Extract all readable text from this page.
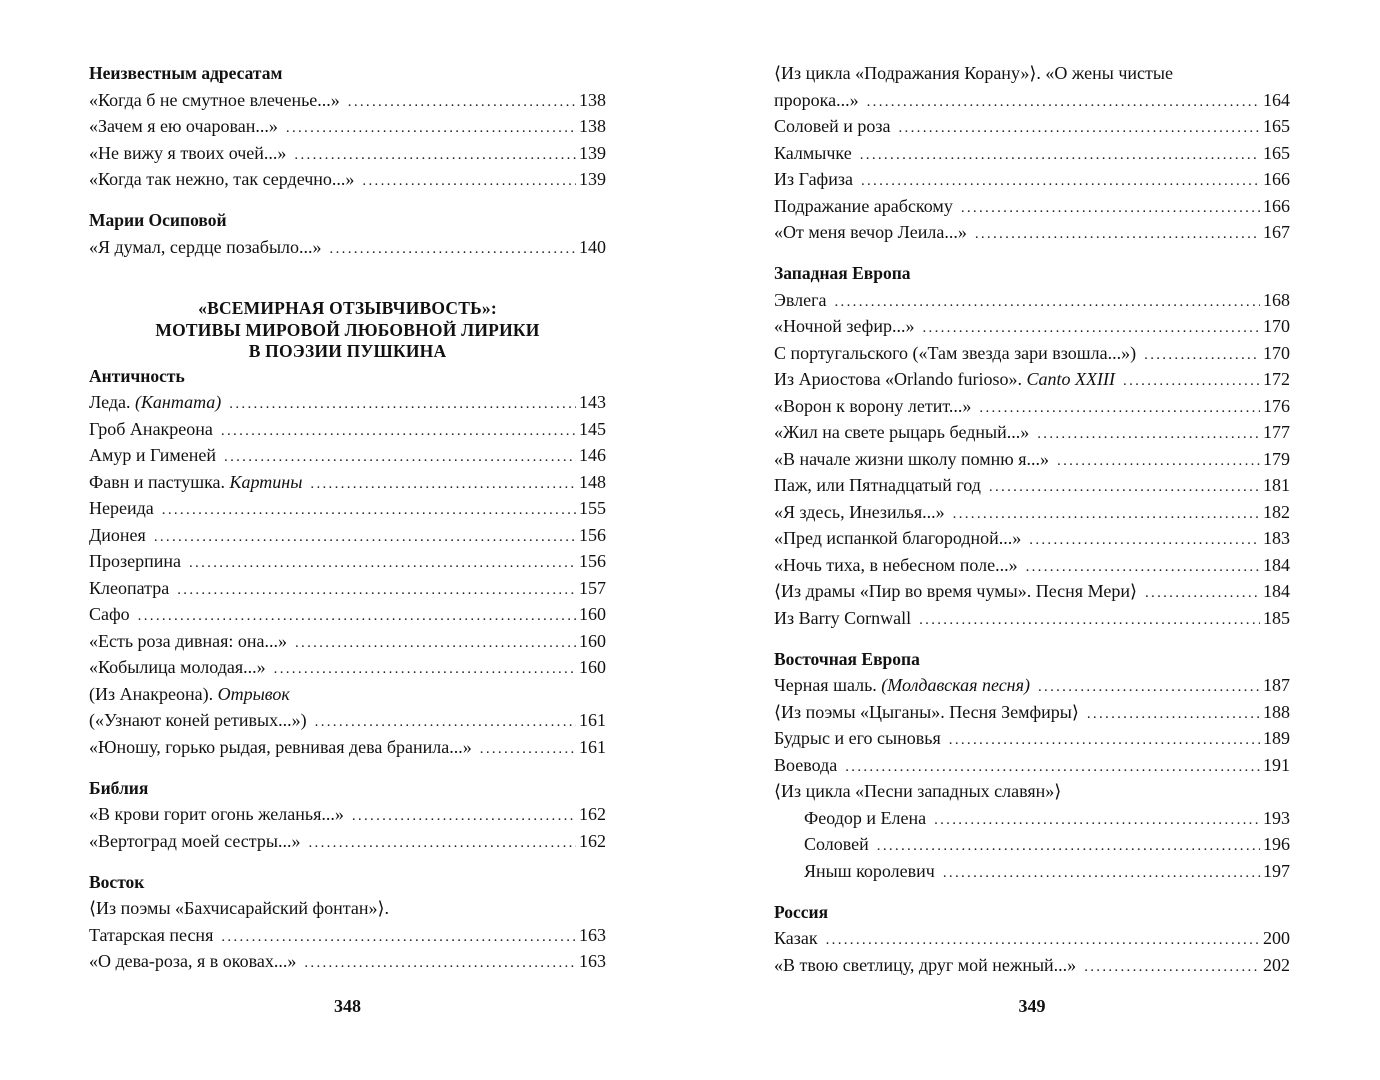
Неизвестным адресатам
«Когда б не смутное влеченье...» .....	138
«Зачем я ею очарован...» .....	138
«Не вижу я твоих очей...» .....	139
«Когда так нежно, так сердечно...» .....	139
Марии Осиповой
«Я думал, сердце позабыло...» .....	140
«ВСЕМИРНАЯ ОТЗЫВЧИВОСТЬ»:
МОТИВЫ МИРОВОЙ ЛЮБОВНОЙ ЛИРИКИ
В ПОЭЗИИ ПУШКИНА
Античность
Леда. (Кантата) .....	143
Гроб Анакреона .....	145
Амур и Гименей .....	146
Фавн и пастушка. Картины .....	148
Нереида .....	155
Дионея .....	156
Прозерпина .....	156
Клеопатра .....	157
Сафо .....	160
«Есть роза дивная: она...» .....	160
«Кобылица молодая...» .....	160
(Из Анакреона). Отрывок
(«Узнают коней ретивых...») .....	161
«Юношу, горько рыдая, ревнивая дева бранила...» .....	161
Библия
«В крови горит огонь желанья...» .....	162
«Вертоград моей сестры...» .....	162
Восток
⟨Из поэмы «Бахчисарайский фонтан»⟩.
Татарская песня .....	163
«О дева-роза, я в оковах...» .....	163
348
⟨Из цикла «Подражания Корану»⟩. «О жены чистые
пророка...» .....	164
Соловей и роза .....	165
Калмычке .....	165
Из Гафиза .....	166
Подражание арабскому .....	166
«От меня вечор Леила...» .....	167
Западная Европа
Эвлега .....	168
«Ночной зефир...» .....	170
С португальского («Там звезда зари взошла...») .....	170
Из Ариостова «Orlando furioso». Canto XXIII .....	172
«Ворон к ворону летит...» .....	176
«Жил на свете рыцарь бедный...» .....	177
«В начале жизни школу помню я...» .....	179
Паж, или Пятнадцатый год .....	181
«Я здесь, Инезилья...» .....	182
«Пред испанкой благородной...» .....	183
«Ночь тиха, в небесном поле...» .....	184
⟨Из драмы «Пир во время чумы». Песня Мери⟩ .....	184
Из Barry Cornwall .....	185
Восточная Европа
Черная шаль. (Молдавская песня) .....	187
⟨Из поэмы «Цыганы». Песня Земфиры⟩ .....	188
Будрыс и его сыновья .....	189
Воевода .....	191
⟨Из цикла «Песни западных славян»⟩
Феодор и Елена .....	193
Соловей .....	196
Яныш королевич .....	197
Россия
Казак .....	200
«В твою светлицу, друг мой нежный...» .....	202
349
